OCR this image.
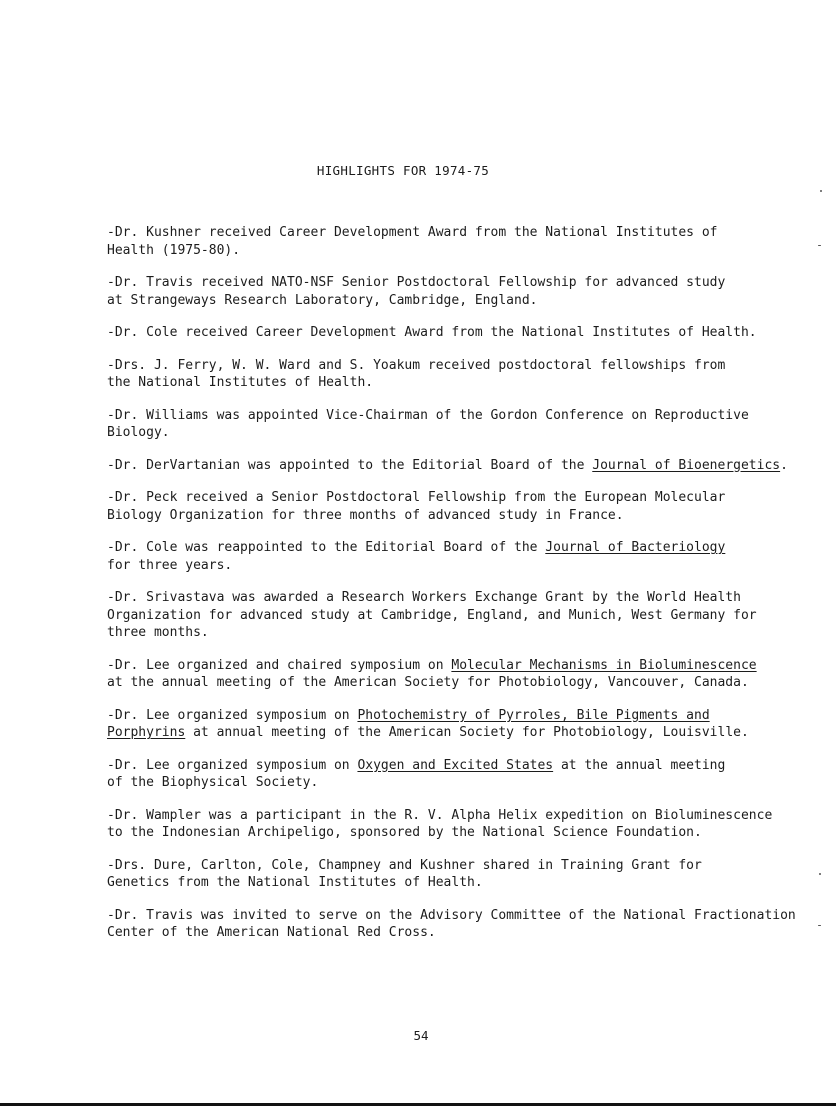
HIGHLIGHTS FOR 1974-75
-Dr. Kushner received Career Development Award from the National Institutes of
Health (1975-80).
-Dr. Travis received NATO-NSF Senior Postdoctoral Fellowship for advanced study
at Strangeways Research Laboratory, Cambridge, England.
-Dr. Cole received Career Development Award from the National Institutes of Health.
-Drs. J. Ferry, W. W. Ward and S. Yoakum received postdoctoral fellowships from
the National Institutes of Health.
-Dr. Williams was appointed Vice-Chairman of the Gordon Conference on Reproductive
Biology.
-Dr. DerVartanian was appointed to the Editorial Board of the Journal of Bioenergetics.
-Dr. Peck received a Senior Postdoctoral Fellowship from the European Molecular
Biology Organization for three months of advanced study in France.
-Dr. Cole was reappointed to the Editorial Board of the Journal of Bacteriology
for three years.
-Dr. Srivastava was awarded a Research Workers Exchange Grant by the World Health
Organization for advanced study at Cambridge, England, and Munich, West Germany for
three months.
-Dr. Lee organized and chaired symposium on Molecular Mechanisms in Bioluminescence
at the annual meeting of the American Society for Photobiology, Vancouver, Canada.
-Dr. Lee organized symposium on Photochemistry of Pyrroles, Bile Pigments and
Porphyrins at annual meeting of the American Society for Photobiology, Louisville.
-Dr. Lee organized symposium on Oxygen and Excited States at the annual meeting
of the Biophysical Society.
-Dr. Wampler was a participant in the R. V. Alpha Helix expedition on Bioluminescence
to the Indonesian Archipeligo, sponsored by the National Science Foundation.
-Drs. Dure, Carlton, Cole, Champney and Kushner shared in Training Grant for
Genetics from the National Institutes of Health.
-Dr. Travis was invited to serve on the Advisory Committee of the National Fractionation
Center of the American National Red Cross.
54
